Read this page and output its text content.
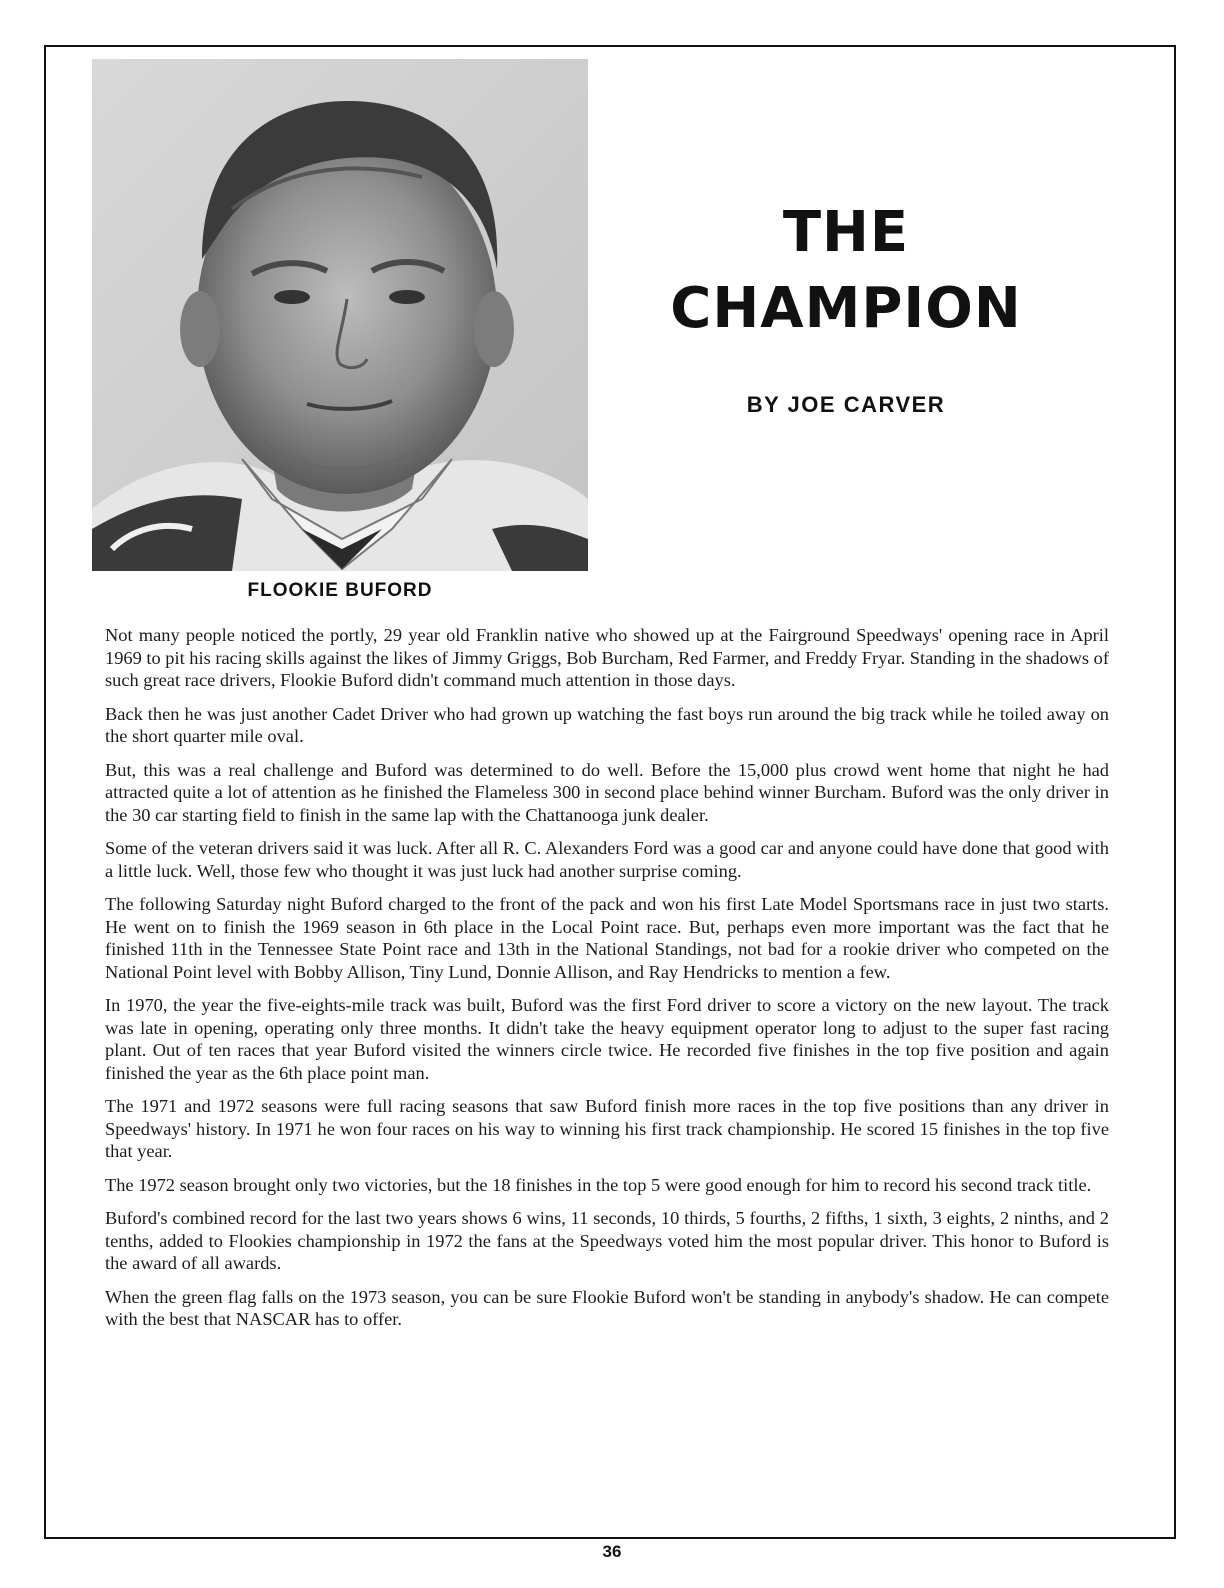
FLOOKIE BUFORD
THE
CHAMPION
BY JOE CARVER

Not many people noticed the portly, 29 year old Franklin native who showed up at the Fairground Speedways' opening race in April 1969 to pit his racing skills against the likes of Jimmy Griggs, Bob Burcham, Red Farmer, and Freddy Fryar. Standing in the shadows of such great race drivers, Flookie Buford didn't command much attention in those days.

Back then he was just another Cadet Driver who had grown up watching the fast boys run around the big track while he toiled away on the short quarter mile oval.

But, this was a real challenge and Buford was determined to do well. Before the 15,000 plus crowd went home that night he had attracted quite a lot of attention as he finished the Flameless 300 in second place behind winner Burcham. Buford was the only driver in the 30 car starting field to finish in the same lap with the Chattanooga junk dealer.

Some of the veteran drivers said it was luck. After all R. C. Alexanders Ford was a good car and anyone could have done that good with a little luck. Well, those few who thought it was just luck had another surprise coming.

The following Saturday night Buford charged to the front of the pack and won his first Late Model Sportsmans race in just two starts. He went on to finish the 1969 season in 6th place in the Local Point race. But, perhaps even more important was the fact that he finished 11th in the Tennessee State Point race and 13th in the National Standings, not bad for a rookie driver who competed on the National Point level with Bobby Allison, Tiny Lund, Donnie Allison, and Ray Hendricks to mention a few.

In 1970, the year the five-eights-mile track was built, Buford was the first Ford driver to score a victory on the new layout. The track was late in opening, operating only three months. It didn't take the heavy equipment operator long to adjust to the super fast racing plant. Out of ten races that year Buford visited the winners circle twice. He recorded five finishes in the top five position and again finished the year as the 6th place point man.

The 1971 and 1972 seasons were full racing seasons that saw Buford finish more races in the top five positions than any driver in Speedways' history. In 1971 he won four races on his way to winning his first track championship. He scored 15 finishes in the top five that year.

The 1972 season brought only two victories, but the 18 finishes in the top 5 were good enough for him to record his second track title.

Buford's combined record for the last two years shows 6 wins, 11 seconds, 10 thirds, 5 fourths, 2 fifths, 1 sixth, 3 eights, 2 ninths, and 2 tenths, added to Flookies championship in 1972 the fans at the Speedways voted him the most popular driver. This honor to Buford is the award of all awards.

When the green flag falls on the 1973 season, you can be sure Flookie Buford won't be standing in anybody's shadow. He can compete with the best that NASCAR has to offer.

36
